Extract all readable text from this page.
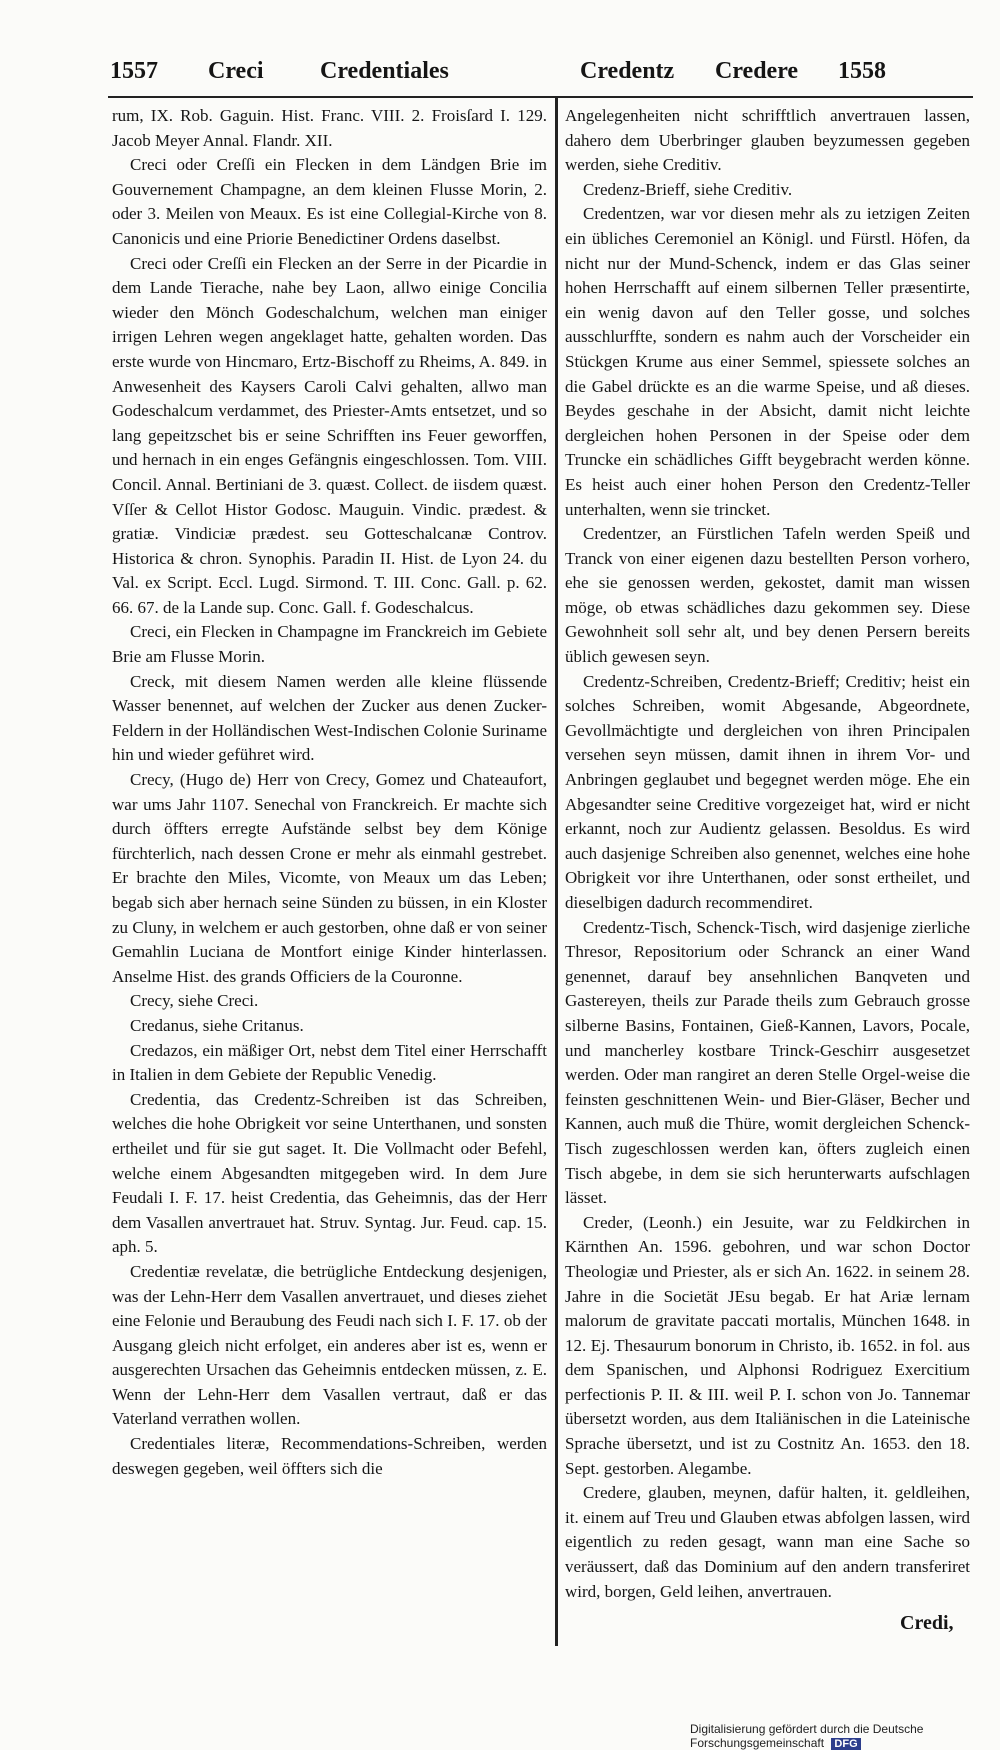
1557 Creci Credentiales	Credentz Credere 1558

rum, IX. Rob. Gaguin. Hist. Franc. VIII. 2. Froisſard I. 129. Jacob Meyer Annal. Flandr. XII.

Creci oder Creſſi ein Flecken in dem Ländgen Brie im Gouvernement Champagne, an dem kleinen Flusse Morin, 2. oder 3. Meilen von Meaux. Es ist eine Collegial-Kirche von 8. Canonicis und eine Priorie Benedictiner Ordens daselbst.

Creci oder Creſſi ein Flecken an der Serre in der Picardie in dem Lande Tierache, nahe bey Laon, allwo einige Concilia wieder den Mönch Godeschalchum, welchen man einiger irrigen Lehren wegen angeklaget hatte, gehalten worden. Das erste wurde von Hincmaro, Ertz-Bischoff zu Rheims, A. 849. in Anwesenheit des Kaysers Caroli Calvi gehalten, allwo man Godeschalcum verdammet, des Priester-Amts entsetzet, und so lang gepeitzschet bis er seine Schrifften ins Feuer geworffen, und hernach in ein enges Gefängnis eingeschlossen. Tom. VIII. Concil. Annal. Bertiniani de 3. quæst. Collect. de iisdem quæst. Vſſer & Cellot Histor Godosc. Mauguin. Vindic. prædest. & gratiæ. Vindiciæ prædest. seu Gotteschalcanæ Controv. Historica & chron. Synophis. Paradin II. Hist. de Lyon 24. du Val. ex Script. Eccl. Lugd. Sirmond. T. III. Conc. Gall. p. 62. 66. 67. de la Lande sup. Conc. Gall. f. Godeschalcus.

Creci, ein Flecken in Champagne im Franckreich im Gebiete Brie am Flusse Morin.

Creck, mit diesem Namen werden alle kleine flüssende Wasser benennet, auf welchen der Zucker aus denen Zucker-Feldern in der Holländischen West-Indischen Colonie Suriname hin und wieder geführet wird.

Crecy, (Hugo de) Herr von Crecy, Gomez und Chateaufort, war ums Jahr 1107. Senechal von Franckreich. Er machte sich durch öffters erregte Aufstände selbst bey dem Könige fürchterlich, nach dessen Crone er mehr als einmahl gestrebet. Er brachte den Miles, Vicomte, von Meaux um das Leben; begab sich aber hernach seine Sünden zu büssen, in ein Kloster zu Cluny, in welchem er auch gestorben, ohne daß er von seiner Gemahlin Luciana de Montfort einige Kinder hinterlassen. Anselme Hist. des grands Officiers de la Couronne.

Crecy, siehe Creci.

Credanus, siehe Critanus.

Credazos, ein mäßiger Ort, nebst dem Titel einer Herrschafft in Italien in dem Gebiete der Republic Venedig.

Credentia, das Credentz-Schreiben ist das Schreiben, welches die hohe Obrigkeit vor seine Unterthanen, und sonsten ertheilet und für sie gut saget. It. Die Vollmacht oder Befehl, welche einem Abgesandten mitgegeben wird. In dem Jure Feudali I. F. 17. heist Credentia, das Geheimnis, das der Herr dem Vasallen anvertrauet hat. Struv. Syntag. Jur. Feud. cap. 15. aph. 5.

Credentiæ revelatæ, die betrügliche Entdeckung desjenigen, was der Lehn-Herr dem Vasallen anvertrauet, und dieses ziehet eine Felonie und Beraubung des Feudi nach sich I. F. 17. ob der Ausgang gleich nicht erfolget, ein anderes aber ist es, wenn er ausgerechten Ursachen das Geheimnis entdecken müssen, z. E. Wenn der Lehn-Herr dem Vasallen vertraut, daß er das Vaterland verrathen wollen.

Credentiales literæ, Recommendations-Schreiben, werden deswegen gegeben, weil öffters sich die

Angelegenheiten nicht schrifftlich anvertrauen lassen, dahero dem Uberbringer glauben beyzumessen gegeben werden, siehe Creditiv.

Credenz-Brieff, siehe Creditiv.

Credentzen, war vor diesen mehr als zu ietzigen Zeiten ein übliches Ceremoniel an Königl. und Fürstl. Höfen, da nicht nur der Mund-Schenck, indem er das Glas seiner hohen Herrschafft auf einem silbernen Teller præsentirte, ein wenig davon auf den Teller gosse, und solches ausschlurffte, sondern es nahm auch der Vorscheider ein Stückgen Krume aus einer Semmel, spiessete solches an die Gabel drückte es an die warme Speise, und aß dieses. Beydes geschahe in der Absicht, damit nicht leichte dergleichen hohen Personen in der Speise oder dem Truncke ein schädliches Gifft beygebracht werden könne. Es heist auch einer hohen Person den Credentz-Teller unterhalten, wenn sie trincket.

Credentzer, an Fürstlichen Tafeln werden Speiß und Tranck von einer eigenen dazu bestellten Person vorhero, ehe sie genossen werden, gekostet, damit man wissen möge, ob etwas schädliches dazu gekommen sey. Diese Gewohnheit soll sehr alt, und bey denen Persern bereits üblich gewesen seyn.

Credentz-Schreiben, Credentz-Brieff; Creditiv; heist ein solches Schreiben, womit Abgesande, Abgeordnete, Gevollmächtigte und dergleichen von ihren Principalen versehen seyn müssen, damit ihnen in ihrem Vor- und Anbringen geglaubet und begegnet werden möge. Ehe ein Abgesandter seine Creditive vorgezeiget hat, wird er nicht erkannt, noch zur Audientz gelassen. Besoldus. Es wird auch dasjenige Schreiben also genennet, welches eine hohe Obrigkeit vor ihre Unterthanen, oder sonst ertheilet, und dieselbigen dadurch recommendiret.

Credentz-Tisch, Schenck-Tisch, wird dasjenige zierliche Thresor, Repositorium oder Schranck an einer Wand genennet, darauf bey ansehnlichen Banqveten und Gastereyen, theils zur Parade theils zum Gebrauch grosse silberne Basins, Fontainen, Gieß-Kannen, Lavors, Pocale, und mancherley kostbare Trinck-Geschirr ausgesetzet werden. Oder man rangiret an deren Stelle Orgel-weise die feinsten geschnittenen Wein- und Bier-Gläser, Becher und Kannen, auch muß die Thüre, womit dergleichen Schenck-Tisch zugeschlossen werden kan, öfters zugleich einen Tisch abgebe, in dem sie sich herunterwarts aufschlagen lässet.

Creder, (Leonh.) ein Jesuite, war zu Feldkirchen in Kärnthen An. 1596. gebohren, und war schon Doctor Theologiæ und Priester, als er sich An. 1622. in seinem 28. Jahre in die Societät JEsu begab. Er hat Ariæ lernam malorum de gravitate paccati mortalis, München 1648. in 12. Ej. Thesaurum bonorum in Christo, ib. 1652. in fol. aus dem Spanischen, und Alphonsi Rodriguez Exercitium perfectionis P. II. & III. weil P. I. schon von Jo. Tannemar übersetzt worden, aus dem Italiänischen in die Lateinische Sprache übersetzt, und ist zu Costnitz An. 1653. den 18. Sept. gestorben. Alegambe.

Credere, glauben, meynen, dafür halten, it. geldleihen, it. einem auf Treu und Glauben etwas abfolgen lassen, wird eigentlich zu reden gesagt, wann man eine Sache so veräussert, daß das Dominium auf den andern transferiret wird, borgen, Geld leihen, anvertrauen.

Credi,
Digitalisierung gefördert durch die Deutsche Forschungsgemeinschaft DFG
